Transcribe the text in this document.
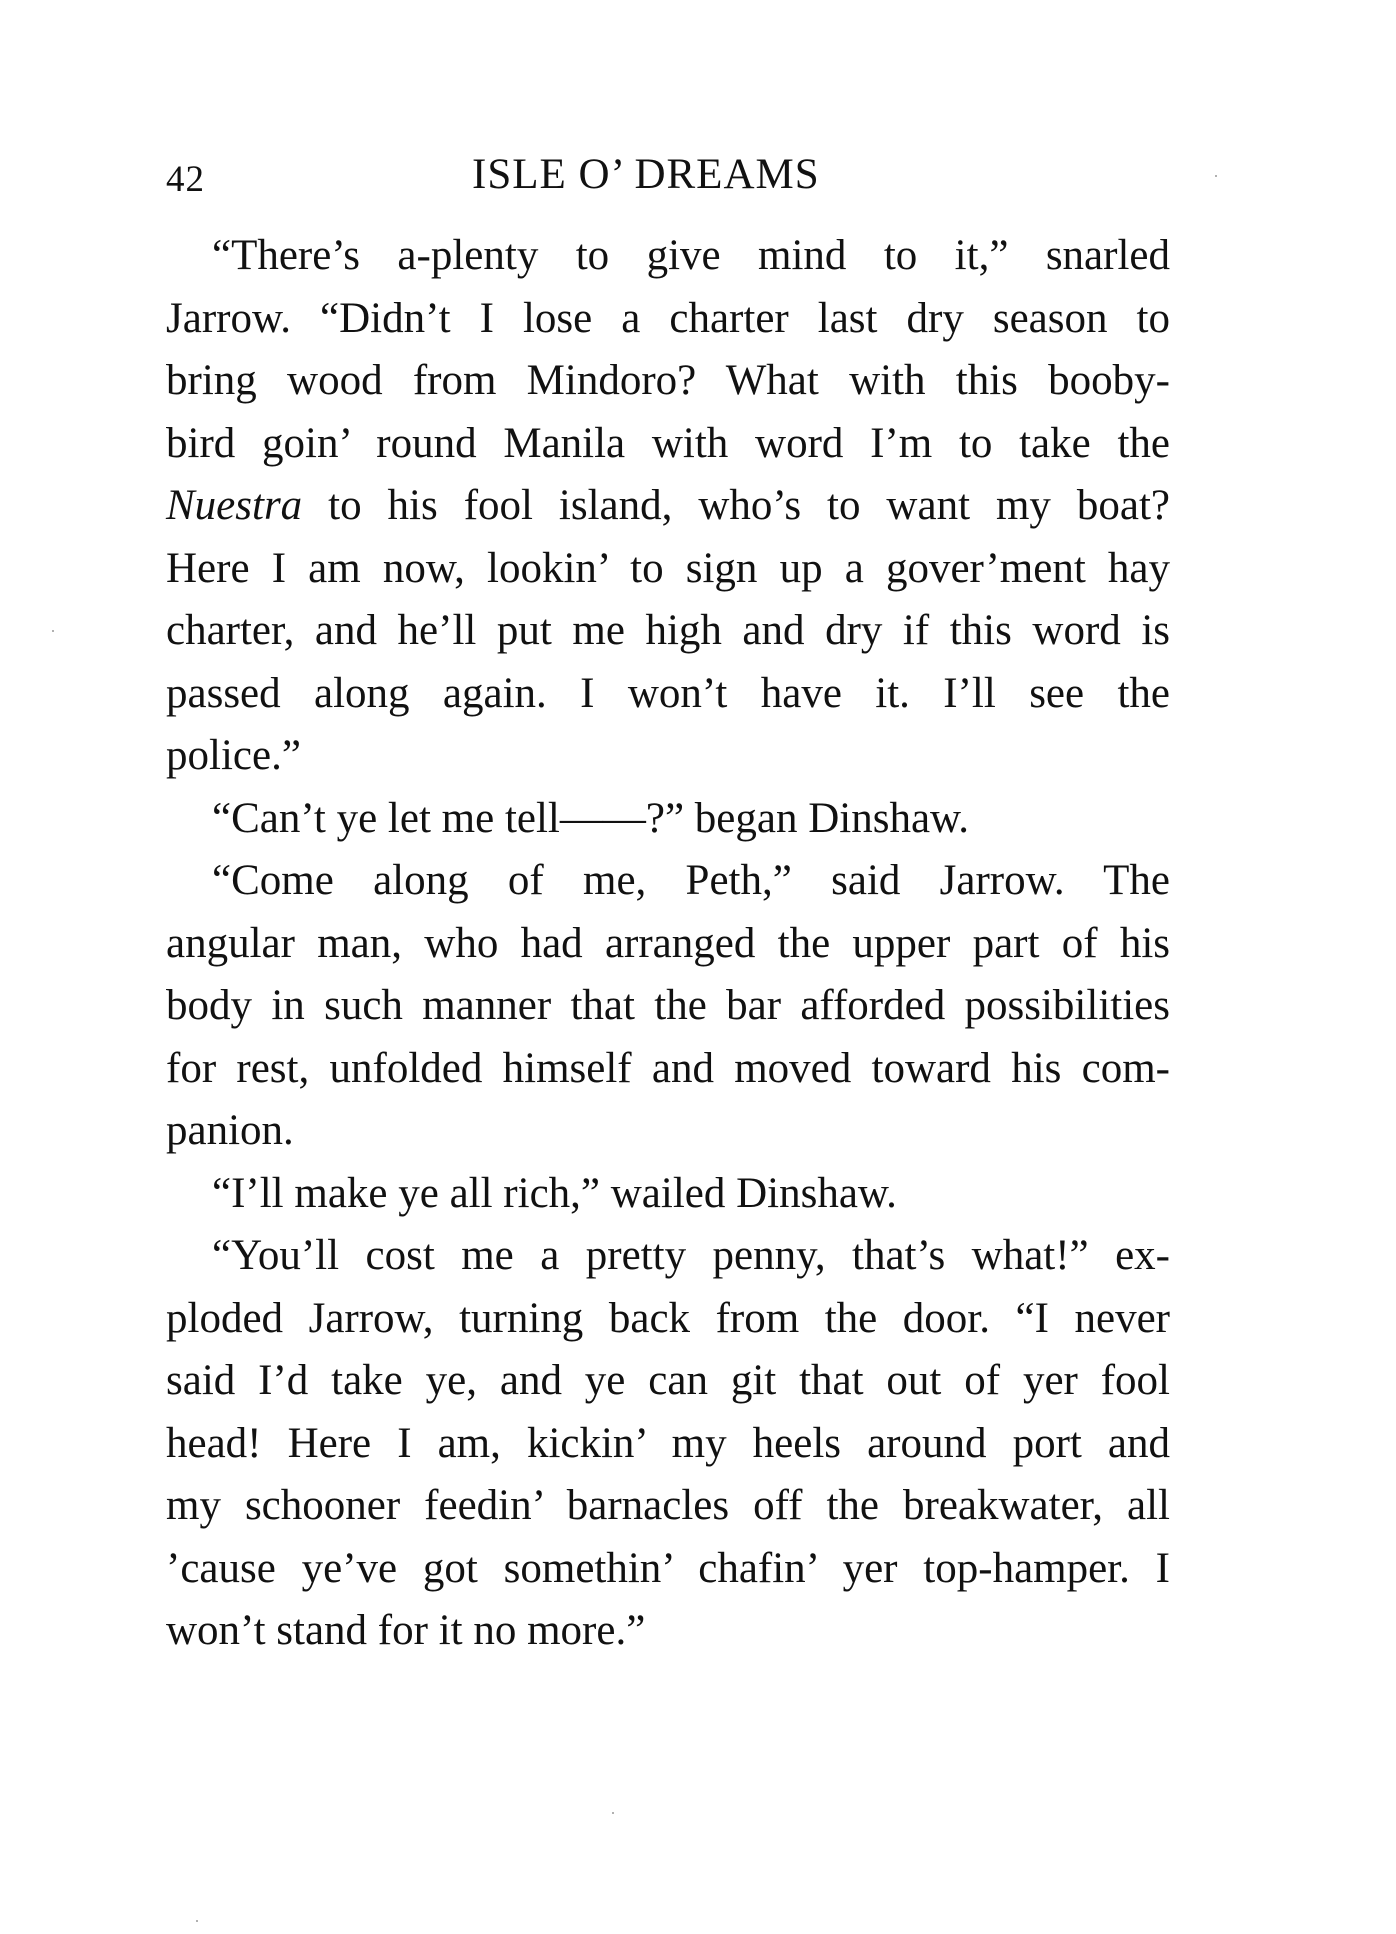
42	ISLE O’ DREAMS

“There’s a-plenty to give mind to it,” snarled
Jarrow. “Didn’t I lose a charter last dry season to
bring wood from Mindoro? What with this booby-
bird goin’ round Manila with word I’m to take the
Nuestra to his fool island, who’s to want my boat?
Here I am now, lookin’ to sign up a gover’ment hay
charter, and he’ll put me high and dry if this word is
passed along again. I won’t have it. I’ll see the
police.”

“Can’t ye let me tell——?” began Dinshaw.

“Come along of me, Peth,” said Jarrow. The
angular man, who had arranged the upper part of his
body in such manner that the bar afforded possibilities
for rest, unfolded himself and moved toward his com-
panion.

“I’ll make ye all rich,” wailed Dinshaw.

“You’ll cost me a pretty penny, that’s what!” ex-
ploded Jarrow, turning back from the door. “I never
said I’d take ye, and ye can git that out of yer fool
head! Here I am, kickin’ my heels around port and
my schooner feedin’ barnacles off the breakwater, all
’cause ye’ve got somethin’ chafin’ yer top-hamper. I
won’t stand for it no more.”
